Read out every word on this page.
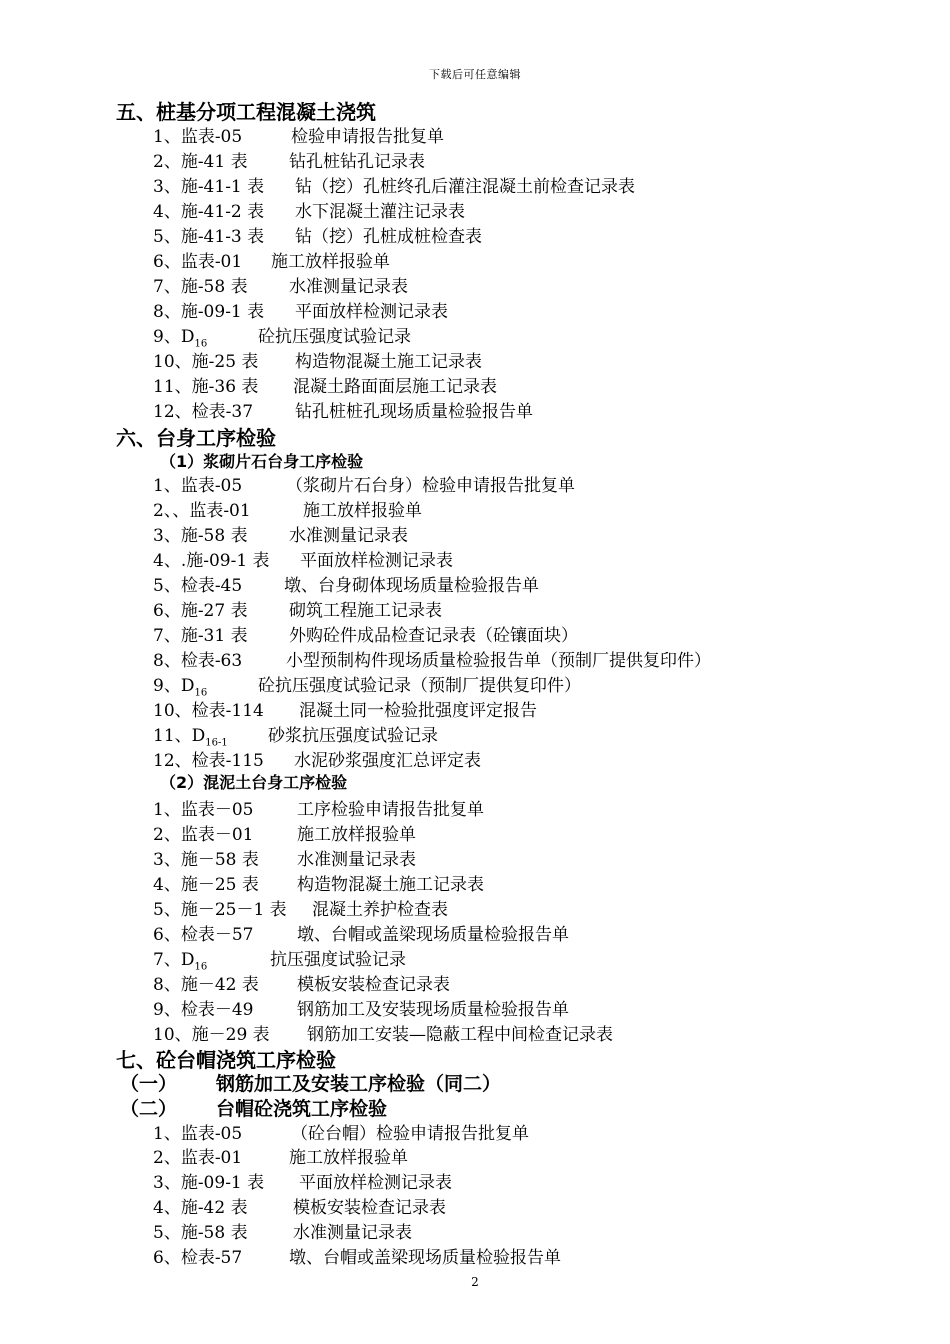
下载后可任意编辑
五、桩基分项工程混凝土浇筑
1、监表-05	检验申请报告批复单
2、施-41 表 钻孔桩钻孔记录表
3、施-41-1 表 钻（挖）孔桩终孔后灌注混凝土前检查记录表
4、施-41-2 表 水下混凝土灌注记录表
5、施-41-3 表 钻（挖）孔桩成桩检查表
6、监表-01 施工放样报验单
7、施-58 表 水准测量记录表
8、施-09-1 表 平面放样检测记录表
9、$D_{16}$	砼抗压强度试验记录
10、施-25 表 构造物混凝土施工记录表
11、施-36 表 混凝土路面面层施工记录表
12、检表-37 钻孔桩桩孔现场质量检验报告单
六、台身工序检验
（1）浆砌片石台身工序检验
1、监表-05	（浆砌片石台身）检验申请报告批复单
2、、监表-01	施工放样报验单
3、施-58 表 水准测量记录表
4、.施-09-1 表 平面放样检测记录表
5、检表-45 墩、台身砌体现场质量检验报告单
6、施-27 表 砌筑工程施工记录表
7、施-31 表 外购砼件成品检查记录表（砼镶面块）
8、检表-63	小型预制构件现场质量检验报告单（预制厂提供复印件）
9、$D_{16}$	砼抗压强度试验记录（预制厂提供复印件）
10、检表-114 混凝土同一检验批强度评定报告
11、$D_{16-1}$ 砂浆抗压强度试验记录
12、检表-115 水泥砂浆强度汇总评定表
（2）混泥土台身工序检验
1、监表－05	工序检验申请报告批复单
2、监表－01	施工放样报验单
3、施－58 表 水准测量记录表
4、施－25 表 构造物混凝土施工记录表
5、施－25－1 表 混凝土养护检查表
6、检表－57	墩、台帽或盖梁现场质量检验报告单
7、$D_{16}$	抗压强度试验记录
8、施－42 表 模板安装检查记录表
9、检表－49	钢筋加工及安装现场质量检验报告单
10、施－29 表 钢筋加工安装—隐蔽工程中间检查记录表
七、砼台帽浇筑工序检验
（一） 钢筋加工及安装工序检验（同二）
（二） 台帽砼浇筑工序检验
1、监表-05	（砼台帽）检验申请报告批复单
2、监表-01	施工放样报验单
3、施-09-1 表 平面放样检测记录表
4、施-42 表	模板安装检查记录表
5、施-58 表	水准测量记录表
6、检表-57	墩、台帽或盖梁现场质量检验报告单
2
